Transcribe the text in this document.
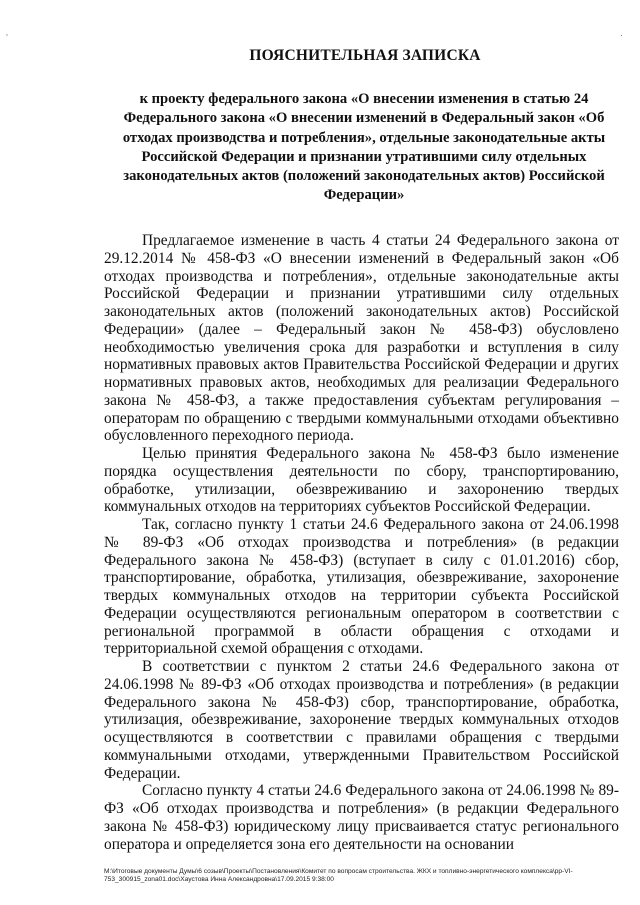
ʼ	·
ПОЯСНИТЕЛЬНАЯ ЗАПИСКА
к проекту федерального закона «О внесении изменения в статью 24 Федерального закона «О внесении изменений в Федеральный закон «Об отходах производства и потребления», отдельные законодательные акты Российской Федерации и признании утратившими силу отдельных законодательных актов (положений законодательных актов) Российской Федерации»

Предлагаемое изменение в часть 4 статьи 24 Федерального закона от 29.12.2014 № 458-ФЗ «О внесении изменений в Федеральный закон «Об отходах производства и потребления», отдельные законодательные акты Российской Федерации и признании утратившими силу отдельных законодательных актов (положений законодательных актов) Российской Федерации» (далее – Федеральный закон № 458-ФЗ) обусловлено необходимостью увеличения срока для разработки и вступления в силу нормативных правовых актов Правительства Российской Федерации и других нормативных правовых актов, необходимых для реализации Федерального закона № 458-ФЗ, а также предоставления субъектам регулирования – операторам по обращению с твердыми коммунальными отходами объективно обусловленного переходного периода.

Целью принятия Федерального закона № 458-ФЗ было изменение порядка осуществления деятельности по сбору, транспортированию, обработке, утилизации, обезвреживанию и захоронению твердых коммунальных отходов на территориях субъектов Российской Федерации.

Так, согласно пункту 1 статьи 24.6 Федерального закона от 24.06.1998 № 89-ФЗ «Об отходах производства и потребления» (в редакции Федерального закона № 458-ФЗ) (вступает в силу с 01.01.2016) сбор, транспортирование, обработка, утилизация, обезвреживание, захоронение твердых коммунальных отходов на территории субъекта Российской Федерации осуществляются региональным оператором в соответствии с региональной программой в области обращения с отходами и территориальной схемой обращения с отходами.

В соответствии с пунктом 2 статьи 24.6 Федерального закона от 24.06.1998 № 89-ФЗ «Об отходах производства и потребления» (в редакции Федерального закона № 458-ФЗ) сбор, транспортирование, обработка, утилизация, обезвреживание, захоронение твердых коммунальных отходов осуществляются в соответствии с правилами обращения с твердыми коммунальными отходами, утвержденными Правительством Российской Федерации.

Согласно пункту 4 статьи 24.6 Федерального закона от 24.06.1998 № 89-ФЗ «Об отходах производства и потребления» (в редакции Федерального закона № 458-ФЗ) юридическому лицу присваивается статус регионального оператора и определяется зона его деятельности на основании

M:\Итоговые документы Думы\6 созыв\Проекты\Постановления\Комитет по вопросам строительства. ЖКХ и топливно-энергетического комплекса\pp-VI-753_300915_zona01.doc\Хаустова Инна Александровна\17.09.2015 9:38:00
